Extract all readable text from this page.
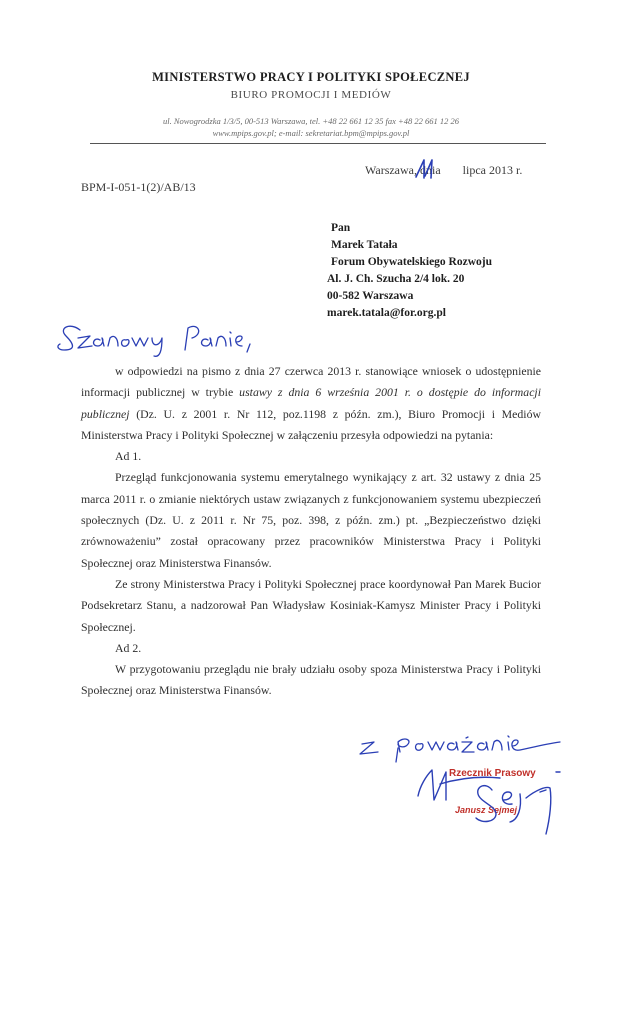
MINISTERSTWO PRACY I POLITYKI SPOŁECZNEJ
BIURO PROMOCJI I MEDIÓW
ul. Nowogrodzka 1/3/5, 00-513 Warszawa, tel. +48 22 661 12 35 fax +48 22 661 12 26
www.mpips.gov.pl; e-mail: sekretariat.bpm@mpips.gov.pl
Warszawa, dnia lipca 2013 r.
BPM-I-051-1(2)/AB/13
Pan
Marek Tatała
Forum Obywatelskiego Rozwoju
Al. J. Ch. Szucha 2/4 lok. 20
00-582 Warszawa
marek.tatala@for.org.pl

w odpowiedzi na pismo z dnia 27 czerwca 2013 r. stanowiące wniosek o udostępnienie informacji publicznej w trybie ustawy z dnia 6 września 2001 r. o dostępie do informacji publicznej (Dz. U. z 2001 r. Nr 112, poz.1198 z późn. zm.), Biuro Promocji i Mediów Ministerstwa Pracy i Polityki Społecznej w załączeniu przesyła odpowiedzi na pytania:

Ad 1.

Przegląd funkcjonowania systemu emerytalnego wynikający z art. 32 ustawy z dnia 25 marca 2011 r. o zmianie niektórych ustaw związanych z funkcjonowaniem systemu ubezpieczeń społecznych (Dz. U. z 2011 r. Nr 75, poz. 398, z późn. zm.) pt. „Bezpieczeństwo dzięki zrównoważeniu” został opracowany przez pracowników Ministerstwa Pracy i Polityki Społecznej oraz Ministerstwa Finansów.

Ze strony Ministerstwa Pracy i Polityki Społecznej prace koordynował Pan Marek Bucior Podsekretarz Stanu, a nadzorował Pan Władysław Kosiniak-Kamysz Minister Pracy i Polityki Społecznej.

Ad 2.

W przygotowaniu przeglądu nie brały udziału osoby spoza Ministerstwa Pracy i Polityki Społecznej oraz Ministerstwa Finansów.

Rzecznik Prasowy
Janusz Sejmej
